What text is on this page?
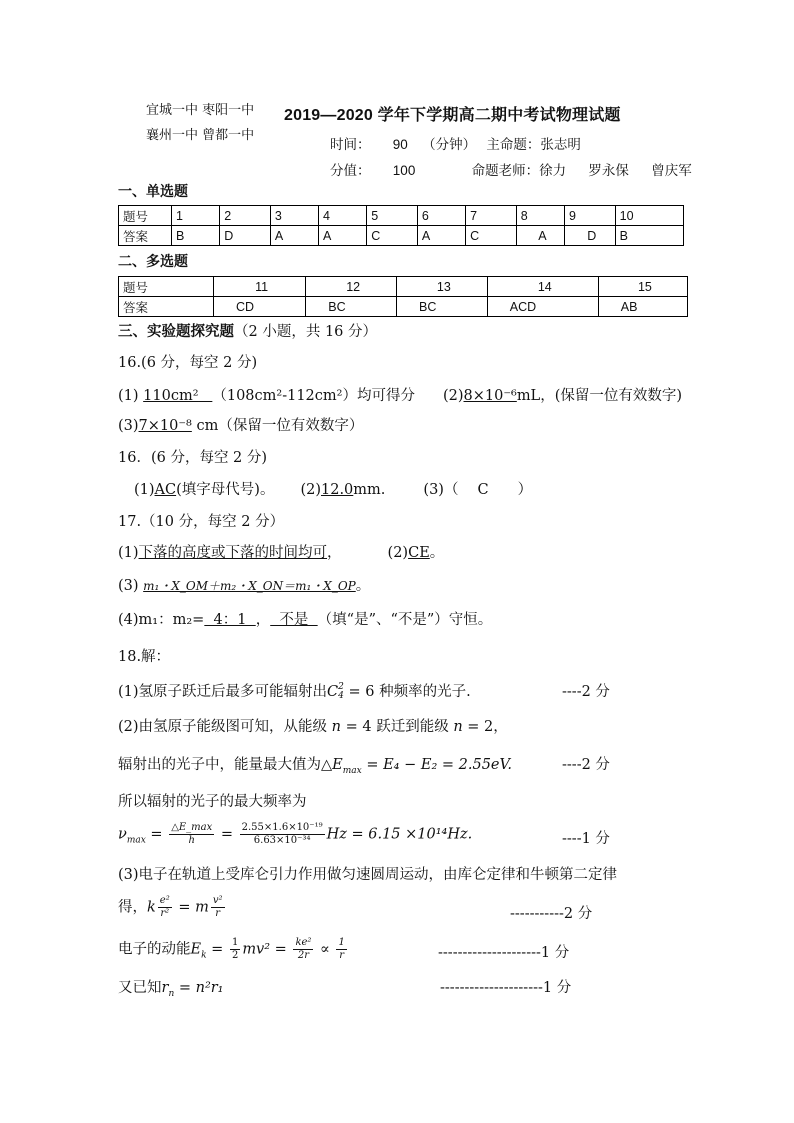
宜城一中 枣阳一中
襄州一中 曾都一中
2019—2020 学年下学期高二期中考试物理试题
时间： 90 （分钟） 主命题：张志明
分值： 100	命题老师：徐力 罗永保 曾庆军
一、单选题
题号	1	2	3	4	5	6	7	8	9	10
答案	B	D	A	A	C	A	C	A	D	B
二、多选题
题号	11	12	13	14	15
答案	CD	BC	BC	ACD	AB
三、实验题探究题（2 小题，共 16 分）
16.(6 分，每空 2 分)
(1) 110cm² （108cm²-112cm²）均可得分 (2)8×10⁻⁶mL，(保留一位有效数字)
(3)7×10⁻⁸ cm（保留一位有效数字）
16．(6 分，每空 2 分)
(1)AC(填字母代号)。 (2)12.0mm.	(3)（　 C　　）
17.（10 分，每空 2 分）
(1)下落的高度或下落的时间均可，	(2)CE。
(3) m₁・X_OM＋m₂・X_ON＝m₁・X_OP。
(4)m₁：m₂=  4：1  ，  不是  （填“是”、“不是”）守恒。
18.解：
(1)氢原子跃迁后最多可能辐射出C 2
4 = 6 种频率的光子.	----2 分
(2)由氢原子能级图可知，从能级 n = 4 跃迁到能级 n = 2，
辐射出的光子中，能量最大值为$\triangle E_{max} = E_4 - E_2 = 2.55eV$.	----2 分
所以辐射的光子的最大频率为
$\nu_{max} = \frac{\triangle E\_\max}{h} = \frac{\text{2.55×1.6×10⁻¹⁹}}{\text{6.63×10⁻³⁴}}$ Hz = 6.15 ×10¹⁴Hz.	----1 分
(3)电子在轨道上受库仑引力作用做匀速圆周运动，由库仑定律和牛顿第二定律
得，k $\frac{\text{e²}}{\text{r²}} = m \frac{\text{v²}}{r}$	-----------2 分
电子的动能$E_k = \frac{1}{2} mv^2 = \frac{\text{ke²}}{2r} \propto \frac{1}{r}$	---------------------1 分
又已知$r_n = n^2r_1$	---------------------1 分
